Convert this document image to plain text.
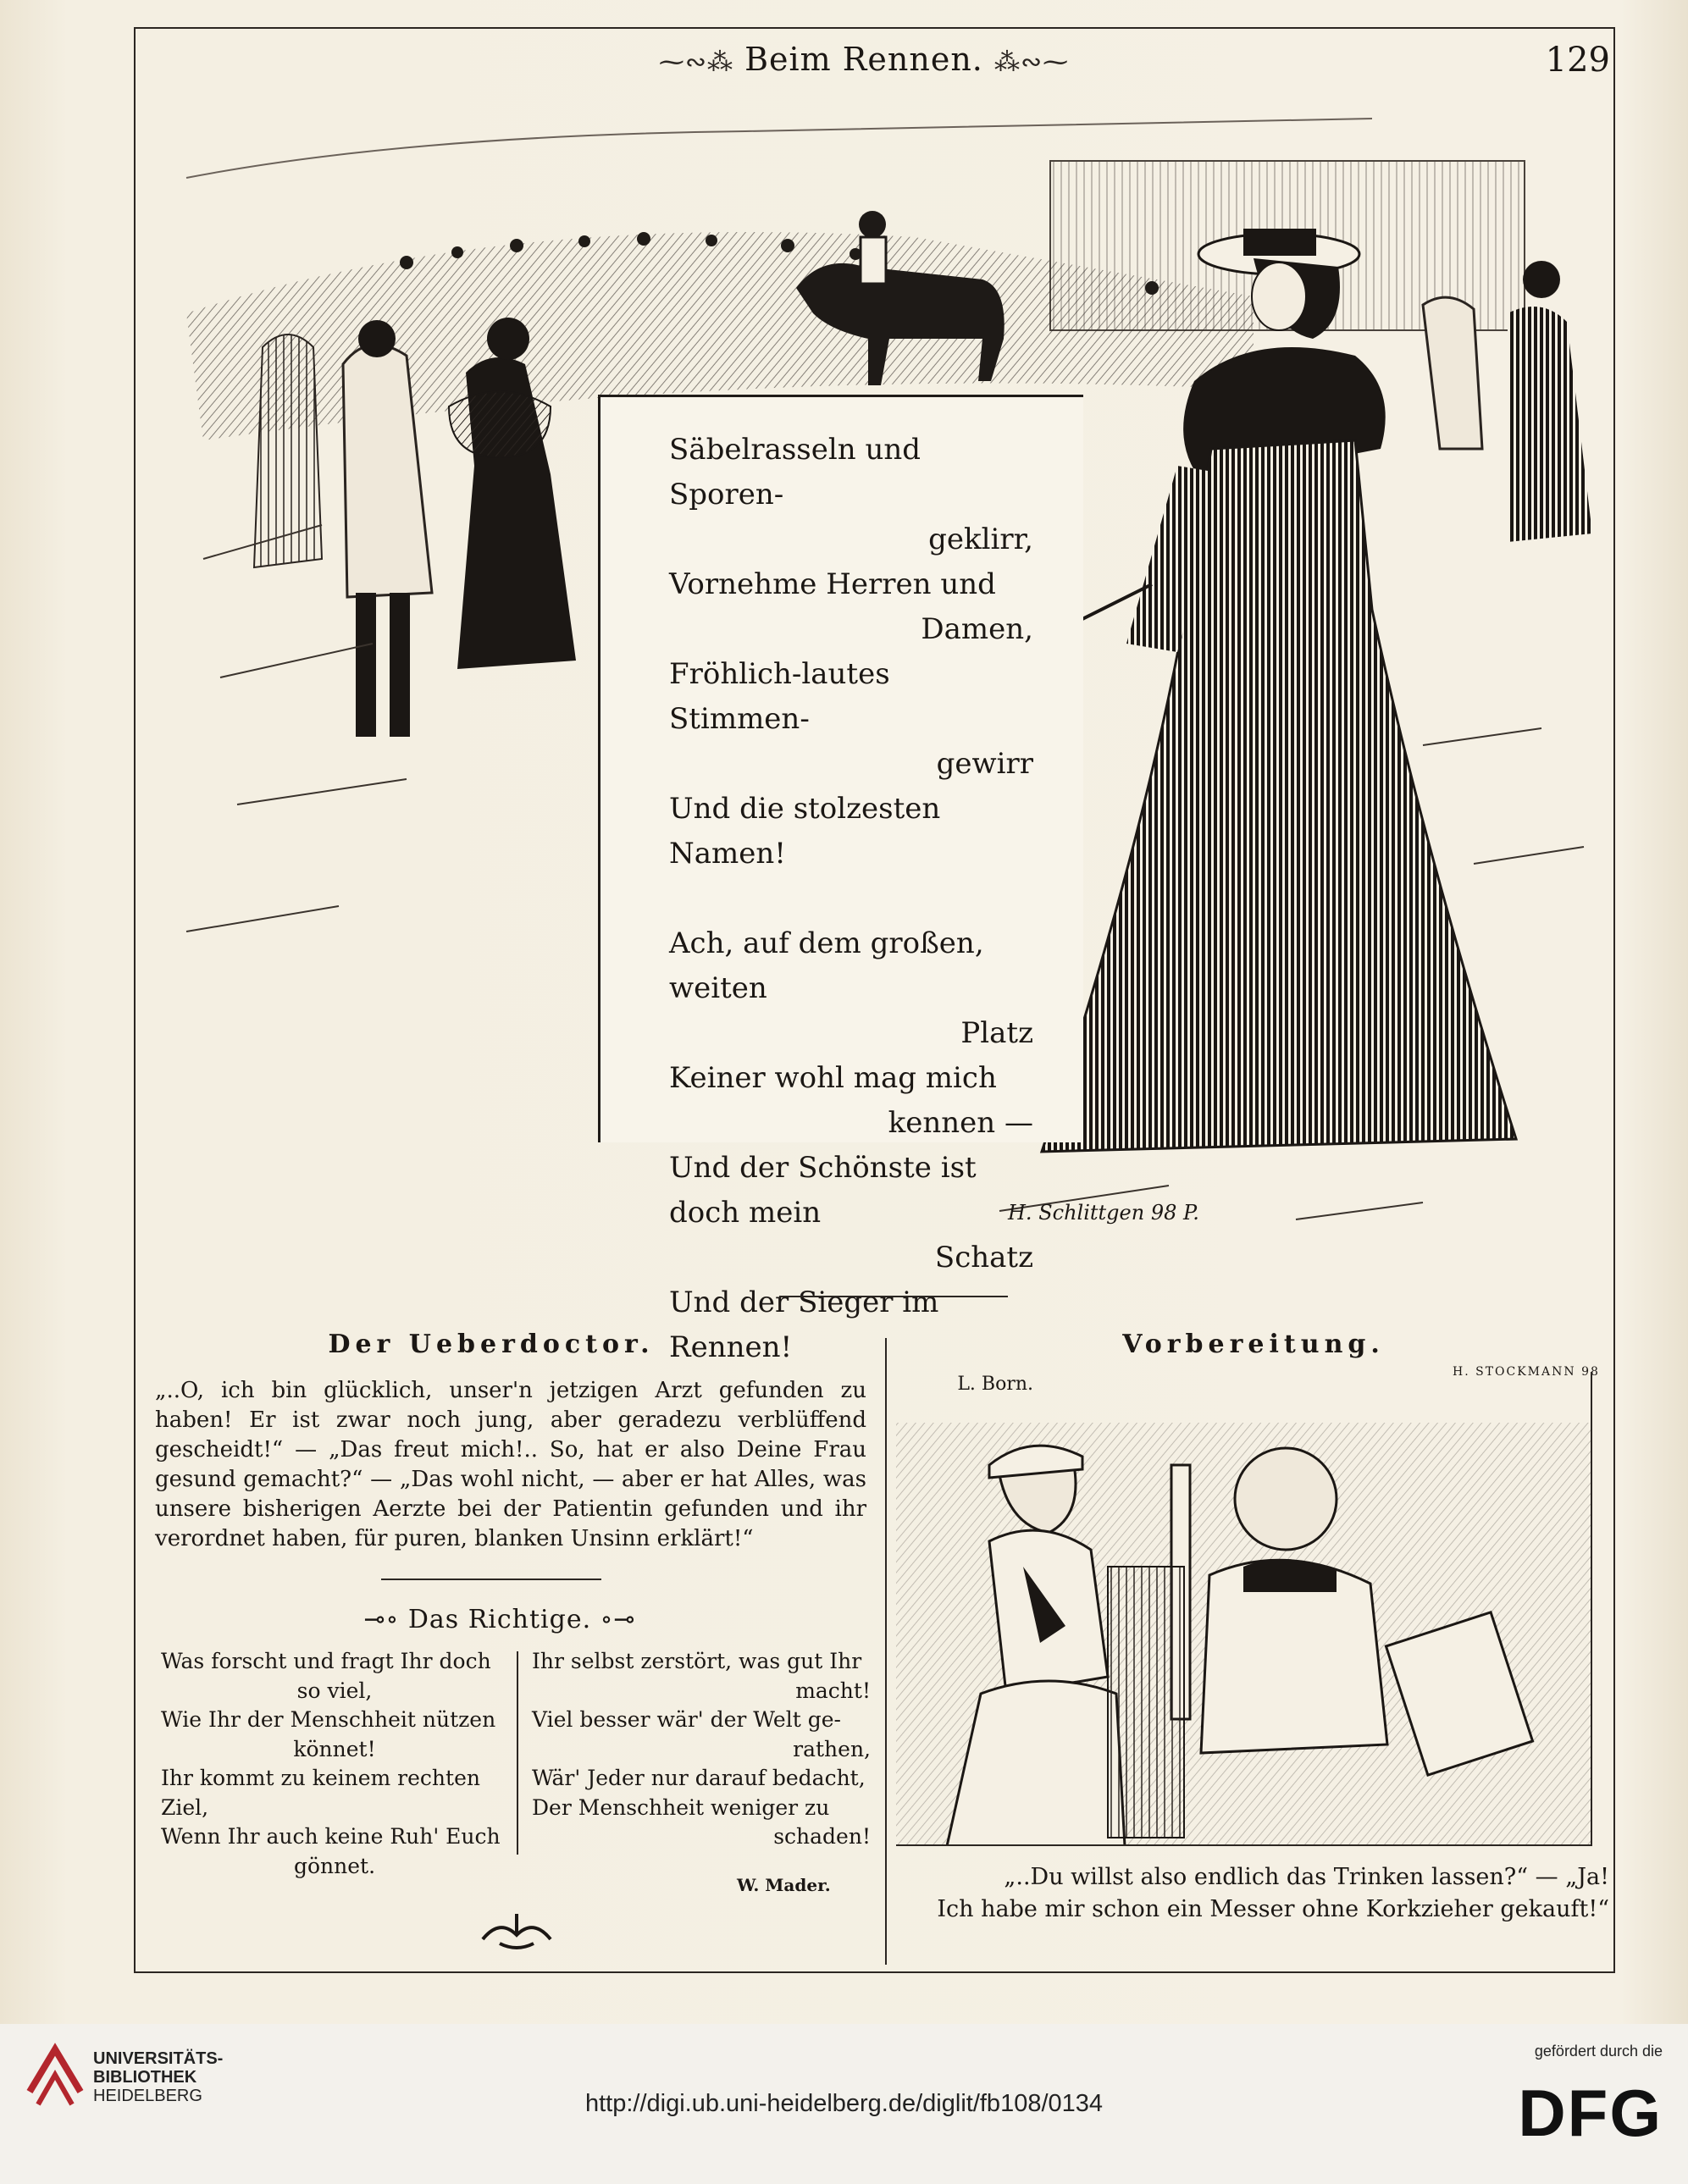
⁓∾⁂ Beim Rennen. ⁂∾⁓	129
H. Schlittgen 98 P.
Säbelrasseln und Sporen-
geklirr,
Vornehme Herren und
Damen,
Fröhlich-lautes Stimmen-
gewirr
Und die stolzesten Namen!
Ach, auf dem großen, weiten
Platz
Keiner wohl mag mich
kennen —
Und der Schönste ist doch mein
Schatz
Und der Sieger im Rennen!
L. Born.
Der Ueberdoctor.
„..O, ich bin glücklich, unser'n jetzigen Arzt gefunden zu haben! Er ist zwar noch jung, aber geradezu verblüffend gescheidt!“ — „Das freut mich!.. So, hat er also Deine Frau gesund gemacht?“ — „Das wohl nicht, — aber er hat Alles, was unsere bisherigen Aerzte bei der Patientin gefunden und ihr verordnet haben, für puren, blanken Unsinn erklärt!“
⊸∘ Das Richtige. ∘⊸
Was forscht und fragt Ihr doch
so viel,
Wie Ihr der Menschheit nützen
könnet!
Ihr kommt zu keinem rechten Ziel,
Wenn Ihr auch keine Ruh' Euch
gönnet.
Ihr selbst zerstört, was gut Ihr
macht!
Viel besser wär' der Welt ge-
rathen,
Wär' Jeder nur darauf bedacht,
Der Menschheit weniger zu
schaden!
W. Mader.
Vorbereitung.
H. STOCKMANN 98
„..Du willst also endlich das Trinken lassen?“ — „Ja!
Ich habe mir schon ein Messer ohne Korkzieher gekauft!“
UNIVERSITÄTS-
BIBLIOTHEK
HEIDELBERG	http://digi.ub.uni-heidelberg.de/diglit/fb108/0134
gefördert durch die
DFG
